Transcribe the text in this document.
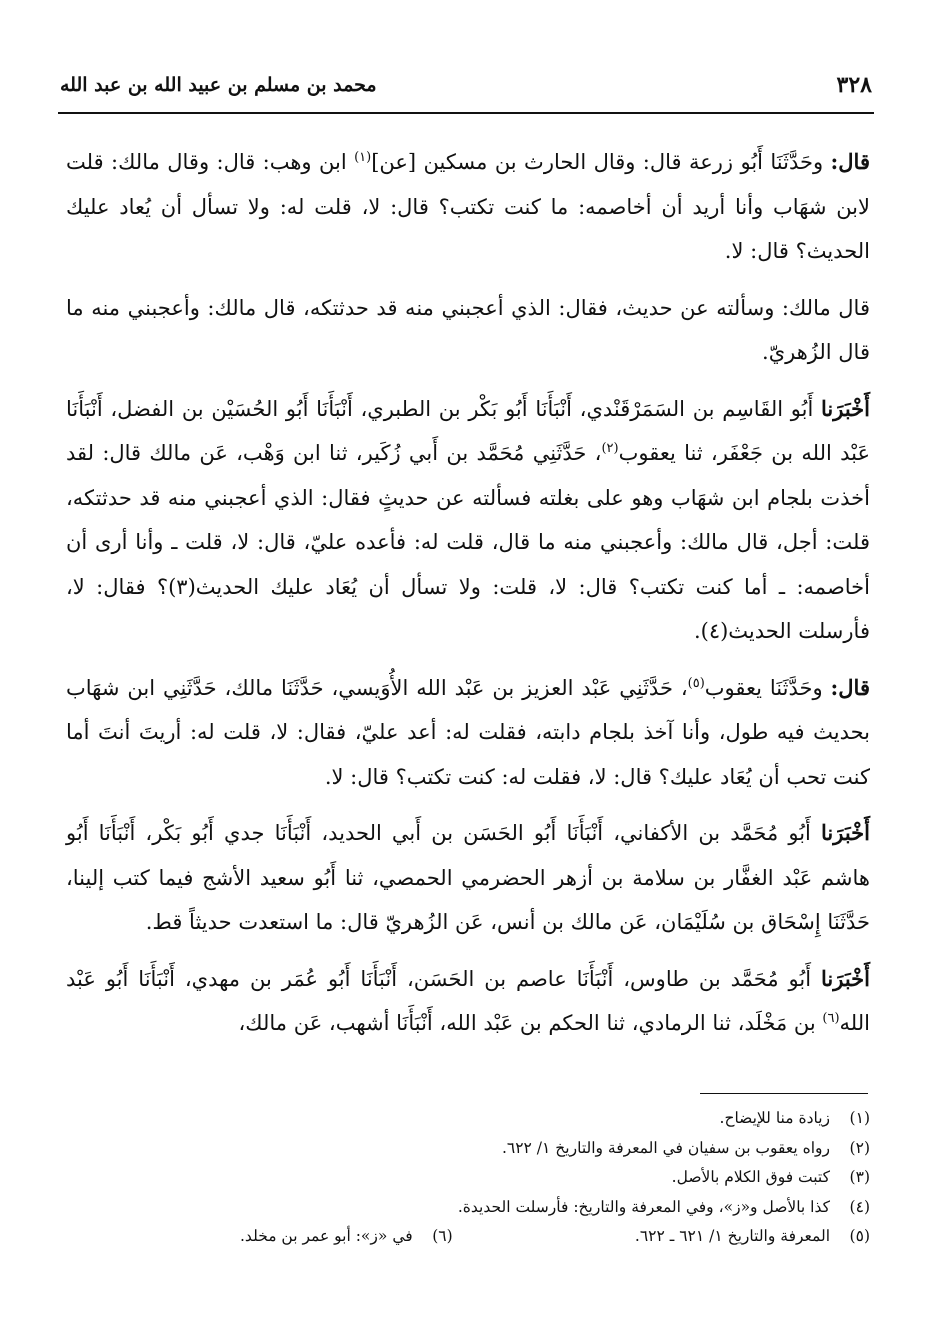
٣٢٨
محمد بن مسلم بن عبيد الله بن عبد الله

قال: وحَدَّثَنَا أَبُو زرعة قال: وقال الحارث بن مسكين [عن]$^{(١)}$ ابن وهب: قال: وقال مالك: قلت لابن شهَاب وأنا أريد أن أخاصمه: ما كنت تكتب؟ قال: لا، قلت له: ولا تسأل أن يُعاد عليك الحديث؟ قال: لا.

قال مالك: وسألته عن حديث، فقال: الذي أعجبني منه قد حدثتكه، قال مالك: وأعجبني منه ما قال الزُهريّ.

أَخْبَرَنا أَبُو القَاسِم بن السَمَرْقَنْدي، أَنْبَأَنَا أَبُو بَكْر بن الطبري، أَنْبَأَنَا أَبُو الحُسَيْن بن الفضل، أَنْبَأَنَا عَبْد الله بن جَعْفَر، ثنا يعقوب$^{(٢)}$، حَدَّثَنِي مُحَمَّد بن أَبي زُكَير، ثنا ابن وَهْب، عَن مالك قال: لقد أخذت بلجام ابن شهَاب وهو على بغلته فسألته عن حديثٍ فقال: الذي أعجبني منه قد حدثتكه، قلت: أجل، قال مالك: وأعجبني منه ما قال، قلت له: فأعده عليّ، قال: لا، قلت ـ وأنا أرى أن أخاصمه: ـ أما كنت تكتب؟ قال: لا، قلت: ولا تسأل أن يُعَاد عليك الحديث(٣)؟ فقال: لا، فأرسلت الحديث(٤).

قال: وحَدَّثَنَا يعقوب$^{(٥)}$، حَدَّثَنِي عَبْد العزيز بن عَبْد الله الأُوَيسي، حَدَّثَنَا مالك، حَدَّثَنِي ابن شهَاب بحديث فيه طول، وأنا آخذ بلجام دابته، فقلت له: أعد عليّ، فقال: لا، قلت له: أريتَ أنتَ أما كنت تحب أن يُعَاد عليك؟ قال: لا، فقلت له: كنت تكتب؟ قال: لا.

أَخْبَرَنا أَبُو مُحَمَّد بن الأكفاني، أَنْبَأَنَا أَبُو الحَسَن بن أَبي الحديد، أَنْبَأَنَا جدي أَبُو بَكْر، أَنْبَأَنَا أَبُو هاشم عَبْد الغفَّار بن سلامة بن أزهر الحضرمي الحمصي، ثنا أَبُو سعيد الأشج فيما كتب إلينا، حَدَّثَنَا إِسْحَاق بن سُلَيْمَان، عَن مالك بن أنس، عَن الزُهريّ قال: ما استعدت حديثاً قط.

أَخْبَرَنا أَبُو مُحَمَّد بن طاوس، أَنْبَأَنَا عاصم بن الحَسَن، أَنْبَأَنَا أَبُو عُمَر بن مهدي، أَنْبَأَنَا أَبُو عَبْد الله$^{(٦)}$ بن مَخْلَد، ثنا الرمادي، ثنا الحكم بن عَبْد الله، أَنْبَأَنَا أشهب، عَن مالك،

(١)زيادة منا للإيضاح.
(٢)رواه يعقوب بن سفيان في المعرفة والتاريخ ١/ ٦٢٢.
(٣)كتبت فوق الكلام بالأصل.
(٤)كذا بالأصل و«ز»، وفي المعرفة والتاريخ: فأرسلت الحديدة.
(٥)المعرفة والتاريخ ١/ ٦٢١ ـ ٦٢٢.
(٦)في «ز»: أبو عمر بن مخلد.
